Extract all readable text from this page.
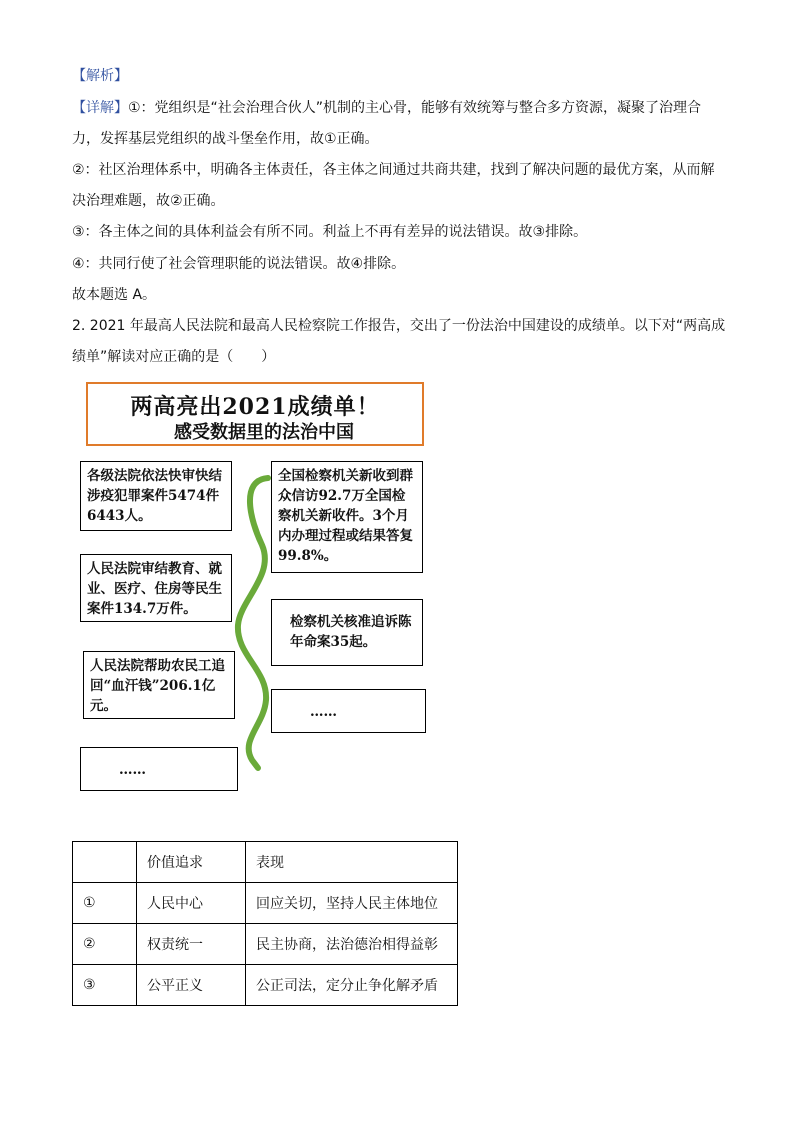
【解析】
【详解】①：党组织是“社会治理合伙人”机制的主心骨，能够有效统筹与整合多方资源，凝聚了治理合
力，发挥基层党组织的战斗堡垒作用，故①正确。
②：社区治理体系中，明确各主体责任，各主体之间通过共商共建，找到了解决问题的最优方案，从而解
决治理难题，故②正确。
③：各主体之间的具体利益会有所不同。利益上不再有差异的说法错误。故③排除。
④：共同行使了社会管理职能的说法错误。故④排除。
故本题选 A。
2. 2021 年最高人民法院和最高人民检察院工作报告，交出了一份法治中国建设的成绩单。以下对“两高成
绩单”解读对应正确的是（　　）
两高亮出2021成绩单！
感受数据里的法治中国
各级法院依法快审快结涉疫犯罪案件5474件6443人。
人民法院审结教育、就业、医疗、住房等民生案件134.7万件。
人民法院帮助农民工追回“血汗钱”206.1亿元。
……
全国检察机关新收到群众信访92.7万全国检察机关新收件。3个月内办理过程或结果答复99.8%。
检察机关核准追诉陈年命案35起。
……
	价值追求	表现
①	人民中心	回应关切，坚持人民主体地位
②	权责统一	民主协商，法治德治相得益彰
③	公平正义	公正司法，定分止争化解矛盾
